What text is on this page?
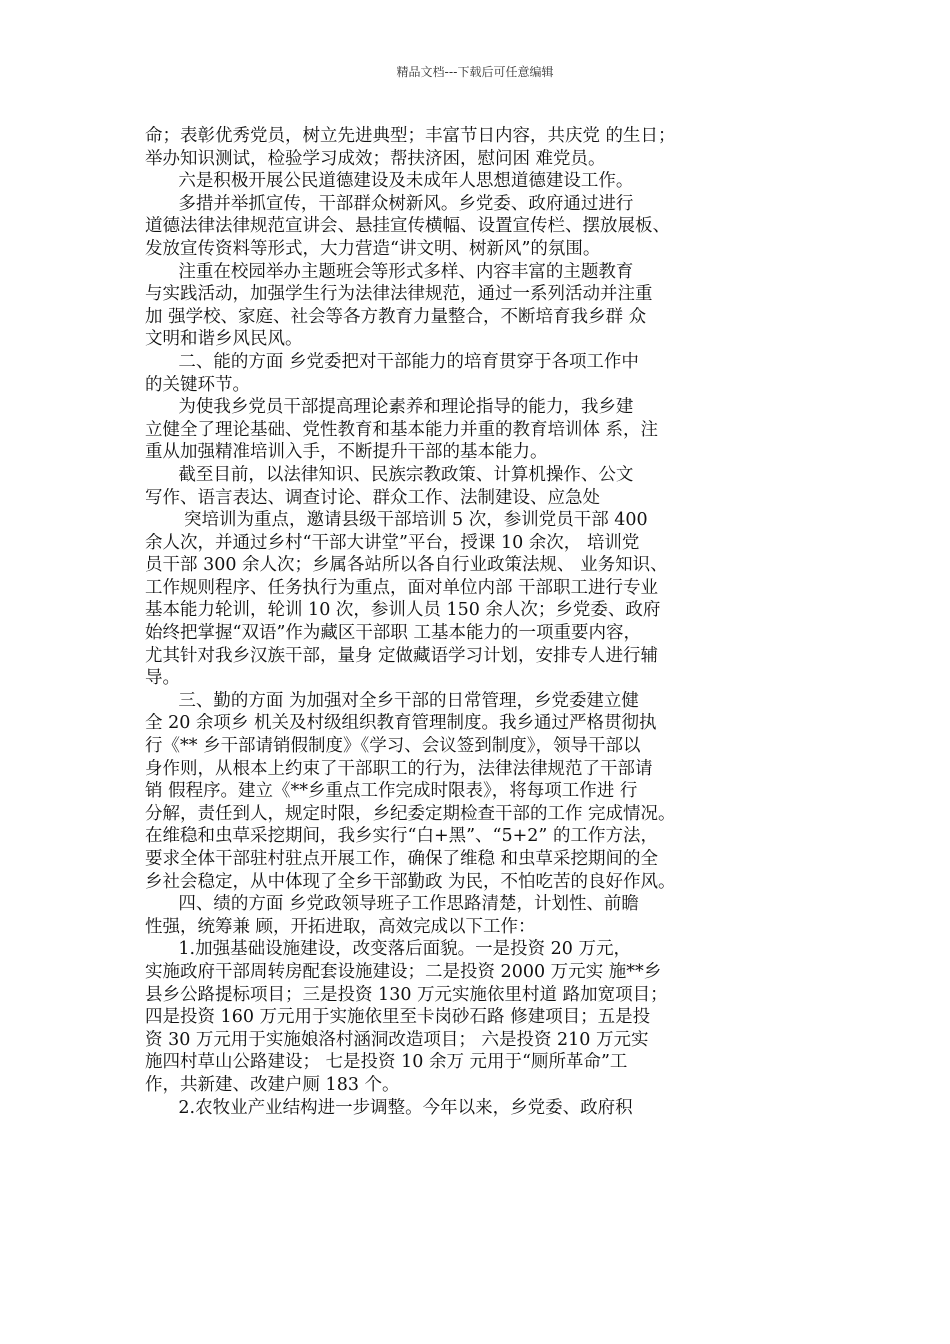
精品文档---下载后可任意编辑
命；表彰优秀党员，树立先进典型；丰富节日内容，共庆党 的生日；
举办知识测试，检验学习成效；帮扶济困，慰问困 难党员。
六是积极开展公民道德建设及未成年人思想道德建设工作。
多措并举抓宣传，干部群众树新风。乡党委、政府通过进行
道德法律法律规范宣讲会、悬挂宣传横幅、设置宣传栏、摆放展板、
发放宣传资料等形式，大力营造“讲文明、树新风”的氛围。
注重在校园举办主题班会等形式多样、内容丰富的主题教育
与实践活动，加强学生行为法律法律规范，通过一系列活动并注重
加 强学校、家庭、社会等各方教育力量整合，不断培育我乡群 众
文明和谐乡风民风。
二、能的方面 乡党委把对干部能力的培育贯穿于各项工作中
的关键环节。
为使我乡党员干部提高理论素养和理论指导的能力，我乡建
立健全了理论基础、党性教育和基本能力并重的教育培训体 系，注
重从加强精准培训入手，不断提升干部的基本能力。
截至目前，以法律知识、民族宗教政策、计算机操作、公文
写作、语言表达、调查讨论、群众工作、法制建设、应急处
突培训为重点，邀请县级干部培训 5 次，参训党员干部 400
余人次，并通过乡村“干部大讲堂”平台，授课 10 余次， 培训党
员干部 300 余人次；乡属各站所以各自行业政策法规、 业务知识、
工作规则程序、任务执行为重点，面对单位内部 干部职工进行专业
基本能力轮训，轮训 10 次，参训人员 150 余人次；乡党委、政府
始终把掌握“双语”作为藏区干部职 工基本能力的一项重要内容，
尤其针对我乡汉族干部，量身 定做藏语学习计划，安排专人进行辅
导。
三、勤的方面 为加强对全乡干部的日常管理，乡党委建立健
全 20 余项乡 机关及村级组织教育管理制度。我乡通过严格贯彻执
行《** 乡干部请销假制度》《学习、会议签到制度》，领导干部以
身作则，从根本上约束了干部职工的行为，法律法律规范了干部请
销 假程序。建立《**乡重点工作完成时限表》，将每项工作进 行
分解，责任到人，规定时限，乡纪委定期检查干部的工作 完成情况。
在维稳和虫草采挖期间，我乡实行“白+黑”、“5+2” 的工作方法，
要求全体干部驻村驻点开展工作，确保了维稳 和虫草采挖期间的全
乡社会稳定，从中体现了全乡干部勤政 为民，不怕吃苦的良好作风。
四、绩的方面 乡党政领导班子工作思路清楚，计划性、前瞻
性强，统筹兼 顾，开拓进取，高效完成以下工作：
1.加强基础设施建设，改变落后面貌。一是投资 20 万元，
实施政府干部周转房配套设施建设；二是投资 2000 万元实 施**乡
县乡公路提标项目；三是投资 130 万元实施依里村道 路加宽项目；
四是投资 160 万元用于实施依里至卡岗砂石路 修建项目；五是投
资 30 万元用于实施娘洛村涵洞改造项目； 六是投资 210 万元实
施四村草山公路建设； 七是投资 10 余万 元用于“厕所革命”工
作，共新建、改建户厕 183 个。
2.农牧业产业结构进一步调整。今年以来，乡党委、政府积
